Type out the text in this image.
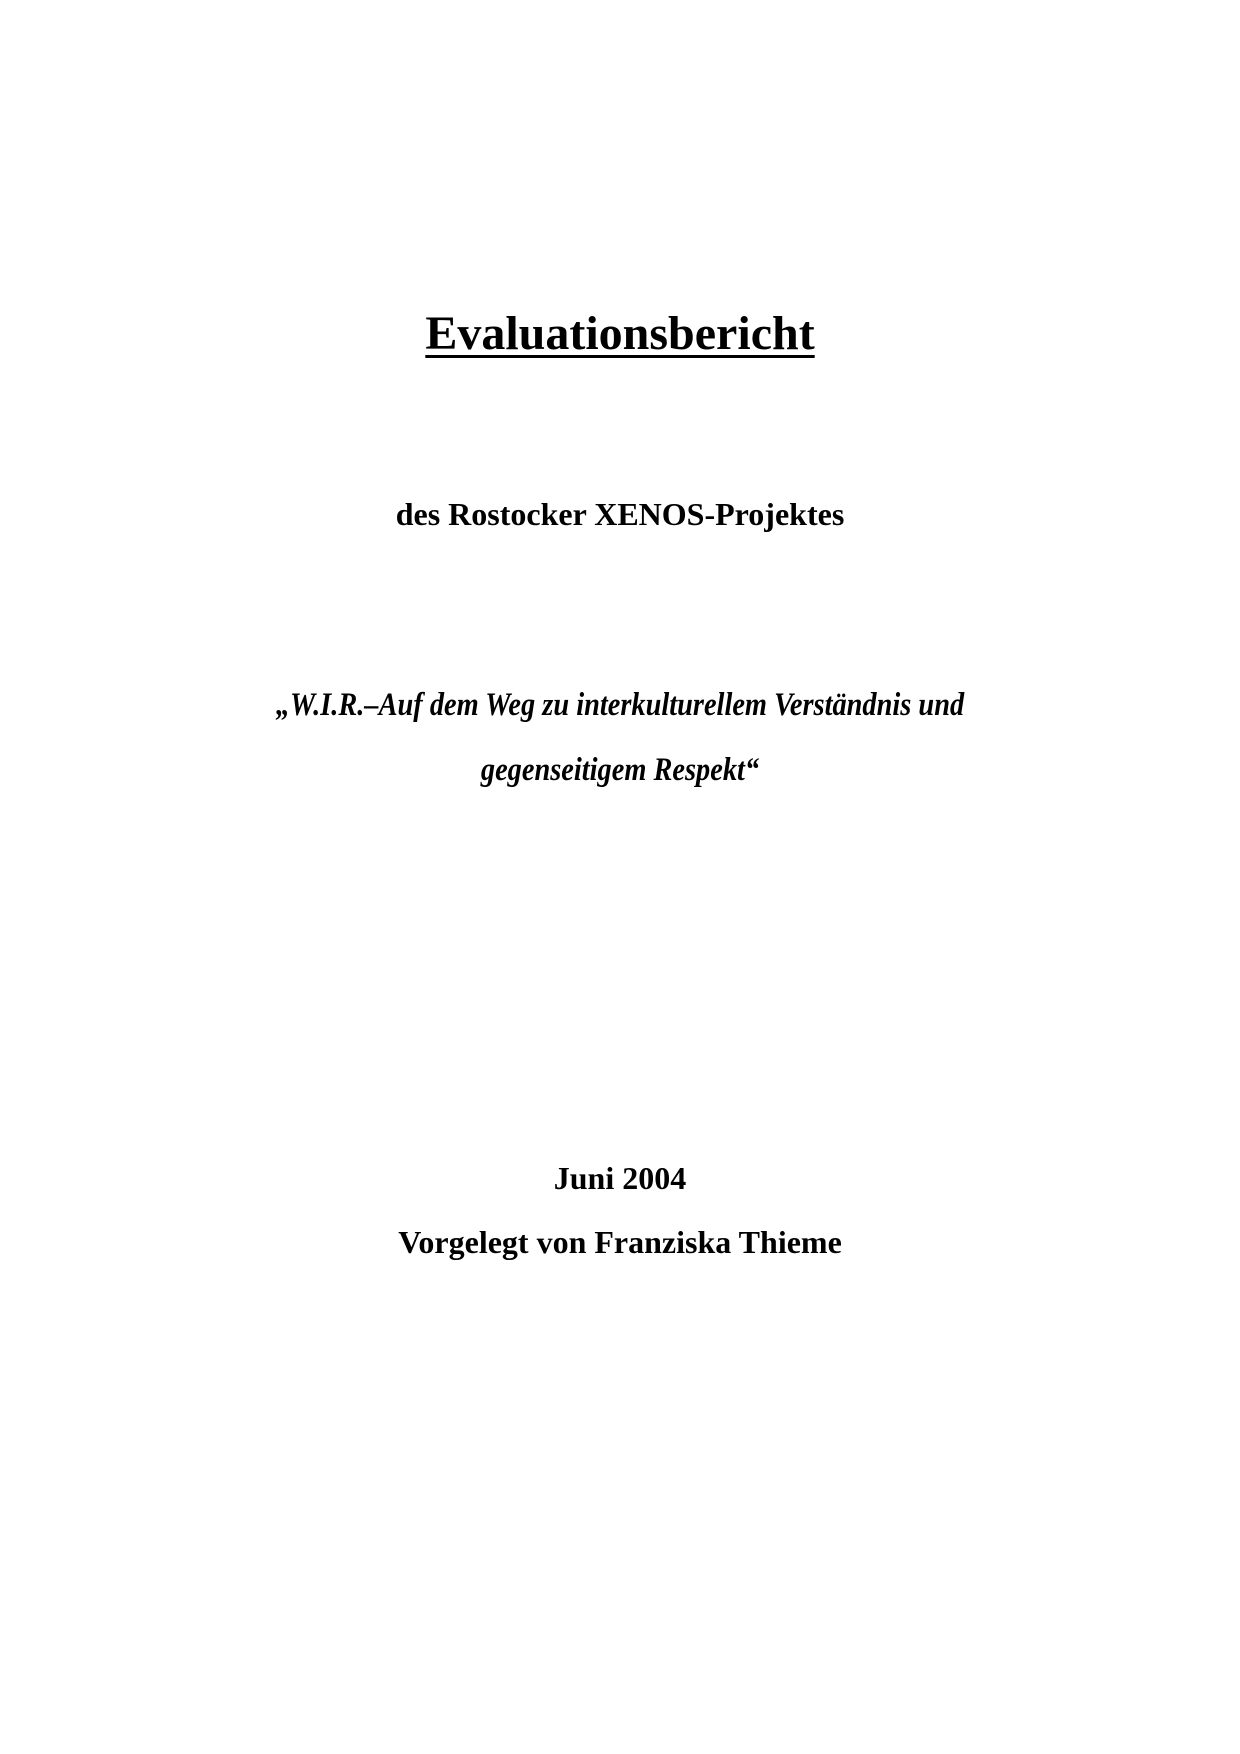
Evaluationsbericht
des Rostocker XENOS-Projektes
„W.I.R.–Auf dem Weg zu interkulturellem Verständnis und
gegenseitigem Respekt“
Juni 2004
Vorgelegt von Franziska Thieme
